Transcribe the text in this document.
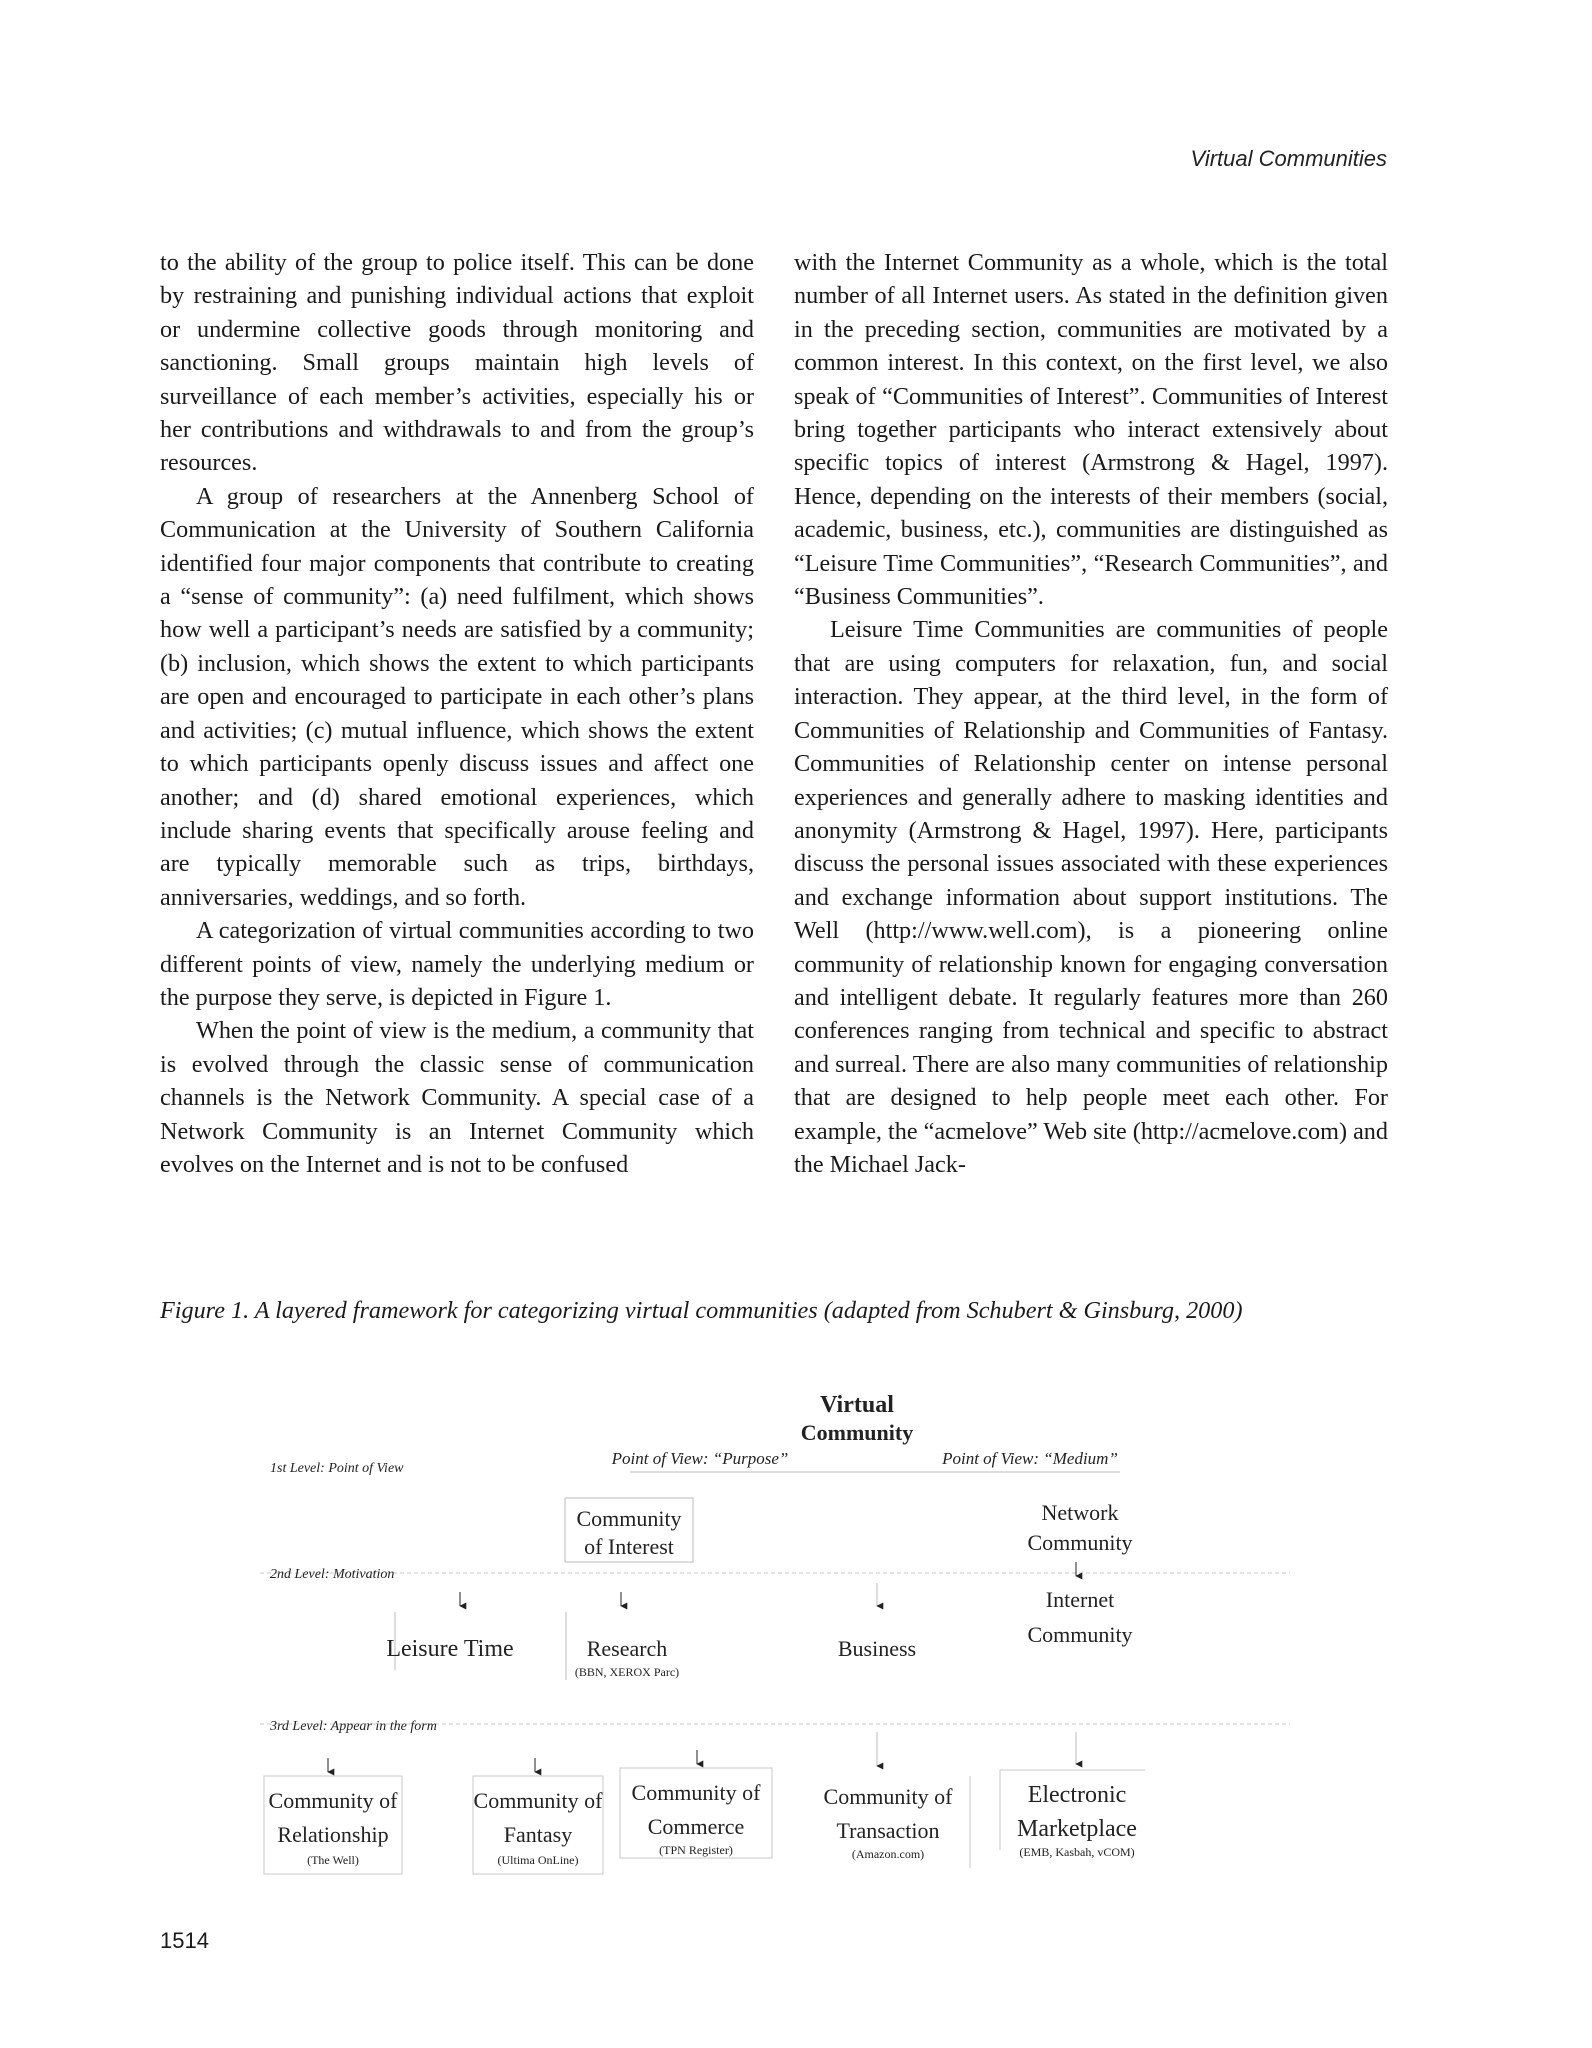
Virtual Communities

to the ability of the group to police itself. This can be done by restraining and punishing individual actions that exploit or undermine collective goods through monitoring and sanctioning. Small groups maintain high levels of surveillance of each member’s activities, especially his or her contributions and withdrawals to and from the group’s resources.

A group of researchers at the Annenberg School of Communication at the University of Southern California identified four major components that contribute to creating a “sense of community”: (a) need fulfilment, which shows how well a participant’s needs are satisfied by a community; (b) inclusion, which shows the extent to which participants are open and encouraged to participate in each other’s plans and activities; (c) mutual influence, which shows the extent to which participants openly discuss issues and affect one another; and (d) shared emotional experiences, which include sharing events that specifically arouse feeling and are typically memorable such as trips, birthdays, anniversaries, weddings, and so forth.

A categorization of virtual communities according to two different points of view, namely the underlying medium or the purpose they serve, is depicted in Figure 1.

When the point of view is the medium, a community that is evolved through the classic sense of communication channels is the Network Community. A special case of a Network Community is an Internet Community which evolves on the Internet and is not to be confused

with the Internet Community as a whole, which is the total number of all Internet users. As stated in the definition given in the preceding section, communities are motivated by a common interest. In this context, on the first level, we also speak of “Communities of Interest”. Communities of Interest bring together participants who interact extensively about specific topics of interest (Armstrong & Hagel, 1997). Hence, depending on the interests of their members (social, academic, business, etc.), communities are distinguished as “Leisure Time Communities”, “Research Communities”, and “Business Communities”.

Leisure Time Communities are communities of people that are using computers for relaxation, fun, and social interaction. They appear, at the third level, in the form of Communities of Relationship and Communities of Fantasy. Communities of Relationship center on intense personal experiences and generally adhere to masking identities and anonymity (Armstrong & Hagel, 1997). Here, participants discuss the personal issues associated with these experiences and exchange information about support institutions. The Well (http://www.well.com), is a pioneering online community of relationship known for engaging conversation and intelligent debate. It regularly features more than 260 conferences ranging from technical and specific to abstract and surreal. There are also many communities of relationship that are designed to help people meet each other. For example, the “acmelove” Web site (http://acmelove.com) and the Michael Jack-

Figure 1. A layered framework for categorizing virtual communities (adapted from Schubert & Ginsburg, 2000)
Virtual
Community
Point of View: “Purpose”	Point of View: “Medium”
1st Level: Point of View
2nd Level: Motivation
3rd Level: Appear in the form
Community
of Interest
Network
Community
Internet
Community
Leisure Time	Research
(BBN, XEROX Parc)
Business
Community of
Relationship
(The Well)
Community of
Fantasy
(Ultima OnLine)
Community of
Commerce
(TPN Register)
Community of
Transaction
(Amazon.com)
Electronic
Marketplace
(EMB, Kasbah, vCOM)
1514
